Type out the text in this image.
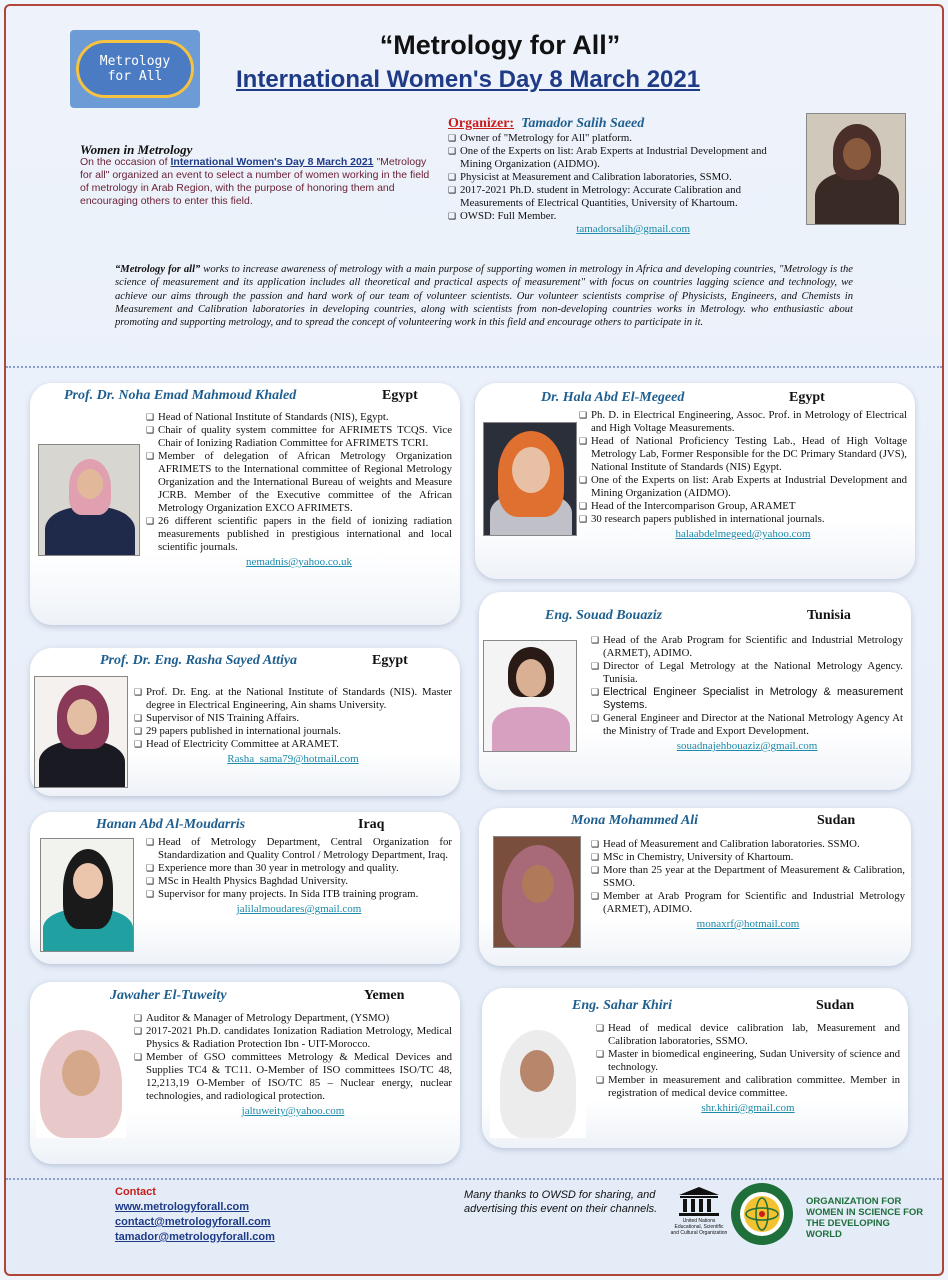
Metrology
for All
“Metrology for All”
International Women's Day 8 March 2021
Women in Metrology
On the occasion of International Women's Day 8 March 2021 "Metrology for all" organized an event to select a number of women working in the field of metrology in Arab Region, with the purpose of honoring them and encouraging others to enter this field.
Organizer: Tamador Salih Saeed
❑ Owner of "Metrology for All" platform.
❑ One of the Experts on list: Arab Experts at Industrial Development and Mining Organization (AIDMO).
❑ Physicist at Measurement and Calibration laboratories, SSMO.
❑ 2017-2021 Ph.D. student in Metrology: Accurate Calibration and Measurements of Electrical Quantities, University of Khartoum.
❑ OWSD: Full Member.
tamadorsalih@gmail.com
“Metrology for all” works to increase awareness of metrology with a main purpose of supporting women in metrology in Africa and developing countries, "Metrology is the science of measurement and its application includes all theoretical and practical aspects of measurement" with focus on countries lagging science and technology, we achieve our aims through the passion and hard work of our team of volunteer scientists. Our volunteer scientists comprise of Physicists, Engineers, and Chemists in Measurement and Calibration laboratories in developing countries, along with scientists from non-developing countries works in Metrology. who enthusiastic about promoting and supporting metrology, and to spread the concept of volunteering work in this field and encourage others to participate in it.
Prof. Dr. Noha Emad Mahmoud Khaled	Egypt
❑ Head of National Institute of Standards (NIS), Egypt.
❑ Chair of quality system committee for AFRIMETS TCQS. Vice Chair of Ionizing Radiation Committee for AFRIMETS TCRI.
❑ Member of delegation of African Metrology Organization AFRIMETS to the International committee of Regional Metrology Organization and the International Bureau of weights and Measure JCRB. Member of the Executive committee of the African Metrology Organization EXCO AFRIMETS.
❑ 26 different scientific papers in the field of ionizing radiation measurements published in prestigious international and local scientific journals.
nemadnis@yahoo.co.uk
Dr. Hala Abd El-Megeed	Egypt
❑ Ph. D. in Electrical Engineering, Assoc. Prof. in Metrology of Electrical and High Voltage Measurements.
❑ Head of National Proficiency Testing Lab., Head of High Voltage Metrology Lab, Former Responsible for the DC Primary Standard (JVS), National Institute of Standards (NIS) Egypt.
❑ One of the Experts on list: Arab Experts at Industrial Development and Mining Organization (AIDMO).
❑ Head of the Intercomparison Group, ARAMET
❑ 30 research papers published in international journals.
halaabdelmegeed@yahoo.com
Prof. Dr. Eng. Rasha Sayed Attiya	Egypt
❑ Prof. Dr. Eng. at the National Institute of Standards (NIS). Master degree in Electrical Engineering, Ain shams University.
❑ Supervisor of NIS Training Affairs.
❑ 29 papers published in international journals.
❑ Head of Electricity Committee at ARAMET.
Rasha_sama79@hotmail.com
Eng. Souad Bouaziz	Tunisia
❑ Head of the Arab Program for Scientific and Industrial Metrology (ARMET), ADIMO.
❑ Director of Legal Metrology at the National Metrology Agency. Tunisia.
❑ Electrical Engineer Specialist in Metrology & measurement Systems.
❑ General Engineer and Director at the National Metrology Agency At the Ministry of Trade and Export Development.
souadnajehbouaziz@gmail.com
Hanan Abd Al-Moudarris	Iraq
❑ Head of Metrology Department, Central Organization for Standardization and Quality Control / Metrology Department, Iraq.
❑ Experience more than 30 year in metrology and quality.
❑ MSc in Health Physics Baghdad University.
❑ Supervisor for many projects. In Sida ITB training program.
jalilalmoudares@gmail.com
Mona Mohammed Ali	Sudan
❑ Head of Measurement and Calibration laboratories. SSMO.
❑ MSc in Chemistry, University of Khartoum.
❑ More than 25 year at the Department of Measurement & Calibration, SSMO.
❑ Member at Arab Program for Scientific and Industrial Metrology (ARMET), ADIMO.
monaxrf@hotmail.com
Jawaher El-Tuweity	Yemen
❑ Auditor & Manager of Metrology Department, (YSMO)
❑ 2017-2021 Ph.D. candidates Ionization Radiation Metrology, Medical Physics & Radiation Protection Ibn - UIT-Morocco.
❑ Member of GSO committees Metrology & Medical Devices and Supplies TC4 & TC11. O-Member of ISO committees ISO/TC 48, 12,213,19 O-Member of ISO/TC 85 – Nuclear energy, nuclear technologies, and radiological protection.
jaltuweity@yahoo.com
Eng. Sahar Khiri	Sudan
❑ Head of medical device calibration lab, Measurement and Calibration laboratories, SSMO.
❑ Master in biomedical engineering, Sudan University of science and technology.
❑ Member in measurement and calibration committee. Member in registration of medical device committee.
shr.khiri@gmail.com
Contact
www.metrologyforall.com
contact@metrologyforall.com
tamador@metrologyforall.com
Many thanks to OWSD for sharing, and advertising this event on their channels.
United Nations Educational, Scientific and Cultural Organization
ORGANIZATION FOR WOMEN IN SCIENCE FOR THE DEVELOPING WORLD
